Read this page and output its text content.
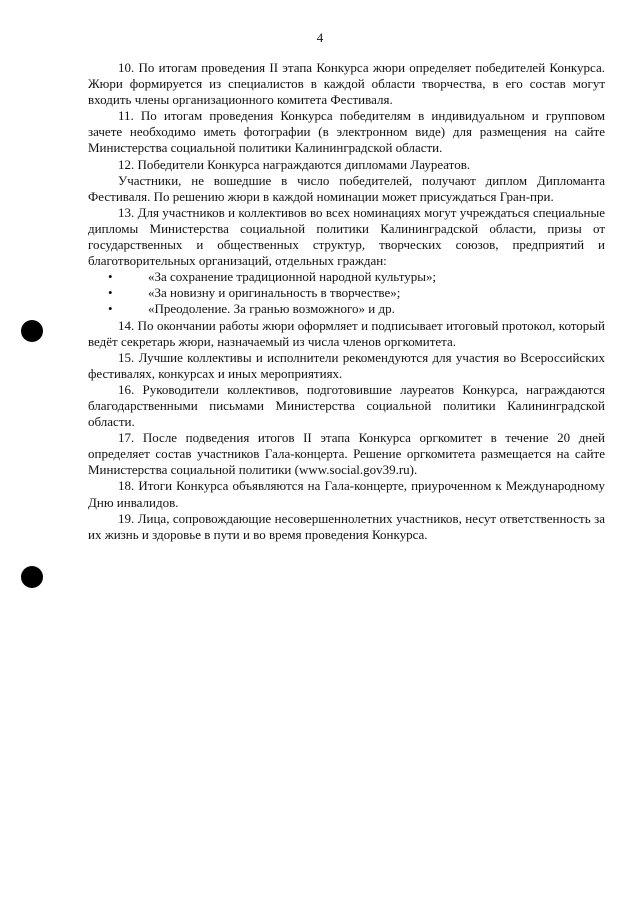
4

10. По итогам проведения II этапа Конкурса жюри определяет победителей Конкурса. Жюри формируется из специалистов в каждой области творчества, в его состав могут входить члены организационного комитета Фестиваля.

11. По итогам проведения Конкурса победителям в индивидуальном и групповом зачете необходимо иметь фотографии (в электронном виде) для размещения на сайте Министерства социальной политики Калининградской области.

12. Победители Конкурса награждаются дипломами Лауреатов.

Участники, не вошедшие в число победителей, получают диплом Дипломанта Фестиваля. По решению жюри в каждой номинации может присуждаться Гран-при.

13. Для участников и коллективов во всех номинациях могут учреждаться специальные дипломы Министерства социальной политики Калининградской области, призы от государственных и общественных структур, творческих союзов, предприятий и благотворительных организаций, отдельных граждан:

•	«За сохранение традиционной народной культуры»;
•	«За новизну и оригинальность в творчестве»;
•	«Преодоление. За гранью возможного» и др.

14. По окончании работы жюри оформляет и подписывает итоговый протокол, который ведёт секретарь жюри, назначаемый из числа членов оргкомитета.

15. Лучшие коллективы и исполнители рекомендуются для участия во Всероссийских фестивалях, конкурсах и иных мероприятиях.

16. Руководители коллективов, подготовившие лауреатов Конкурса, награждаются благодарственными письмами Министерства социальной политики Калининградской области.

17. После подведения итогов II этапа Конкурса оргкомитет в течение 20 дней определяет состав участников Гала-концерта. Решение оргкомитета размещается на сайте Министерства социальной политики (www.social.gov39.ru).

18. Итоги Конкурса объявляются на Гала-концерте, приуроченном к Международному Дню инвалидов.

19. Лица, сопровождающие несовершеннолетних участников, несут ответственность за их жизнь и здоровье в пути и во время проведения Конкурса.
